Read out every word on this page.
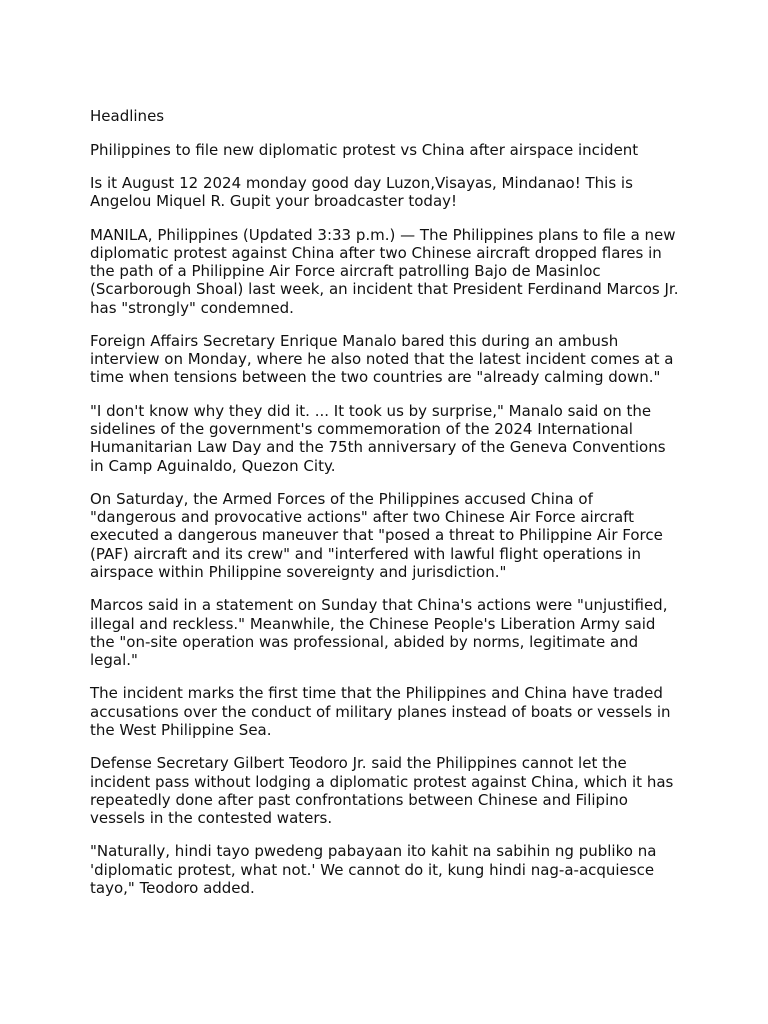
Headlines

Philippines to file new diplomatic protest vs China after airspace incident

Is it August 12 2024 monday good day Luzon,Visayas, Mindanao! This is Angelou Miquel R. Gupit your broadcaster today!

MANILA, Philippines (Updated 3:33 p.m.) — The Philippines plans to file a new diplomatic protest against China after two Chinese aircraft dropped flares in the path of a Philippine Air Force aircraft patrolling Bajo de Masinloc (Scarborough Shoal) last week, an incident that President Ferdinand Marcos Jr. has "strongly" condemned.

Foreign Affairs Secretary Enrique Manalo bared this during an ambush interview on Monday, where he also noted that the latest incident comes at a time when tensions between the two countries are "already calming down."

"I don't know why they did it. ... It took us by surprise," Manalo said on the sidelines of the government's commemoration of the 2024 International Humanitarian Law Day and the 75th anniversary of the Geneva Conventions in Camp Aguinaldo, Quezon City.

On Saturday, the Armed Forces of the Philippines accused China of "dangerous and provocative actions" after two Chinese Air Force aircraft executed a dangerous maneuver that "posed a threat to Philippine Air Force (PAF) aircraft and its crew" and "interfered with lawful flight operations in airspace within Philippine sovereignty and jurisdiction."

Marcos said in a statement on Sunday that China's actions were "unjustified, illegal and reckless." Meanwhile, the Chinese People's Liberation Army said the "on-site operation was professional, abided by norms, legitimate and legal."

The incident marks the first time that the Philippines and China have traded accusations over the conduct of military planes instead of boats or vessels in the West Philippine Sea.

Defense Secretary Gilbert Teodoro Jr. said the Philippines cannot let the incident pass without lodging a diplomatic protest against China, which it has repeatedly done after past confrontations between Chinese and Filipino vessels in the contested waters.

"Naturally, hindi tayo pwedeng pabayaan ito kahit na sabihin ng publiko na 'diplomatic protest, what not.' We cannot do it, kung hindi nag-a-acquiesce tayo," Teodoro added.
